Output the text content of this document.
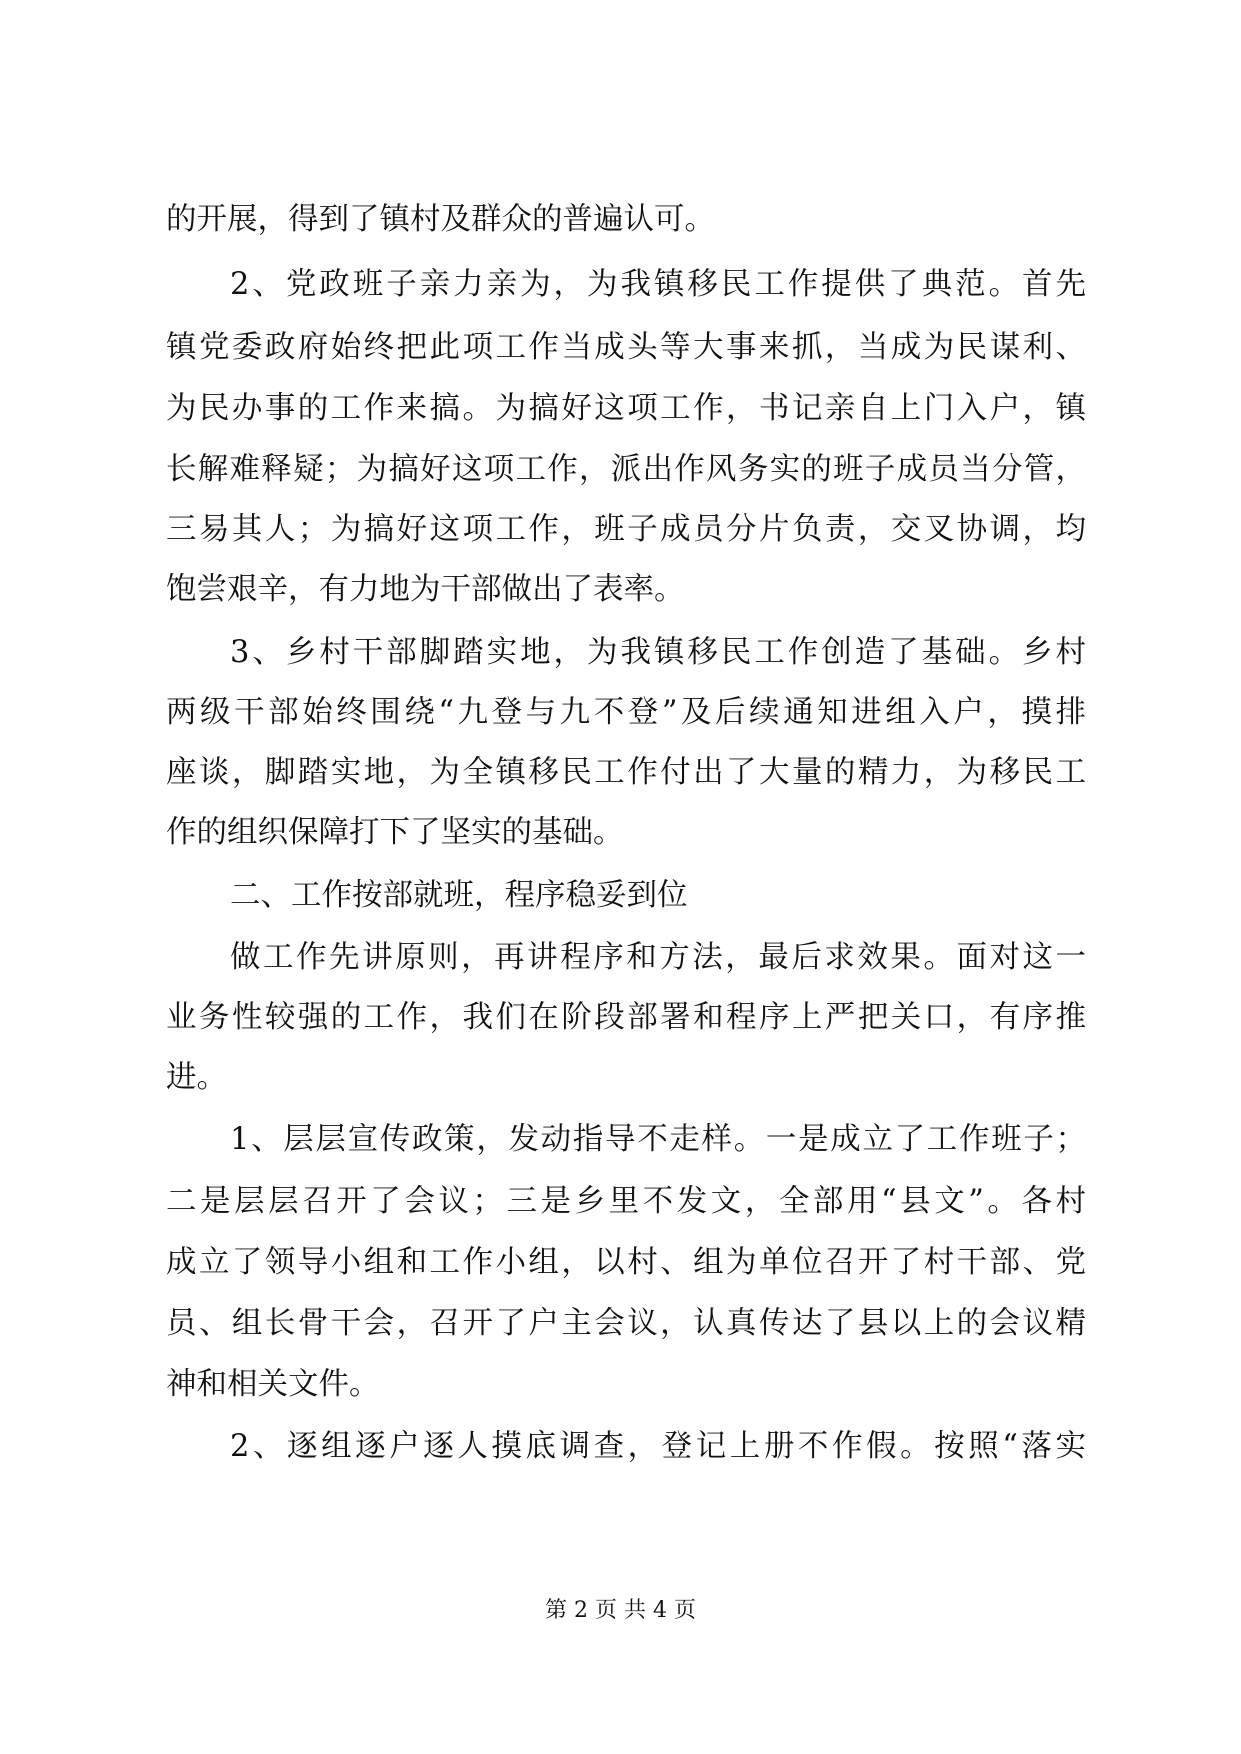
的开展，得到了镇村及群众的普遍认可。
2、党政班子亲力亲为，为我镇移民工作提供了典范。首先
镇党委政府始终把此项工作当成头等大事来抓，当成为民谋利、
为民办事的工作来搞。为搞好这项工作，书记亲自上门入户，镇
长解难释疑；为搞好这项工作，派出作风务实的班子成员当分管，
三易其人；为搞好这项工作，班子成员分片负责，交叉协调，均
饱尝艰辛，有力地为干部做出了表率。
3、乡村干部脚踏实地，为我镇移民工作创造了基础。乡村
两级干部始终围绕“九登与九不登”及后续通知进组入户，摸排
座谈，脚踏实地，为全镇移民工作付出了大量的精力，为移民工
作的组织保障打下了坚实的基础。
二、工作按部就班，程序稳妥到位
做工作先讲原则，再讲程序和方法，最后求效果。面对这一
业务性较强的工作，我们在阶段部署和程序上严把关口，有序推
进。
1、层层宣传政策，发动指导不走样。一是成立了工作班子；
二是层层召开了会议；三是乡里不发文，全部用“县文”。各村
成立了领导小组和工作小组，以村、组为单位召开了村干部、党
员、组长骨干会，召开了户主会议，认真传达了县以上的会议精
神和相关文件。
2、逐组逐户逐人摸底调查，登记上册不作假。按照“落实
第 2 页 共 4 页
